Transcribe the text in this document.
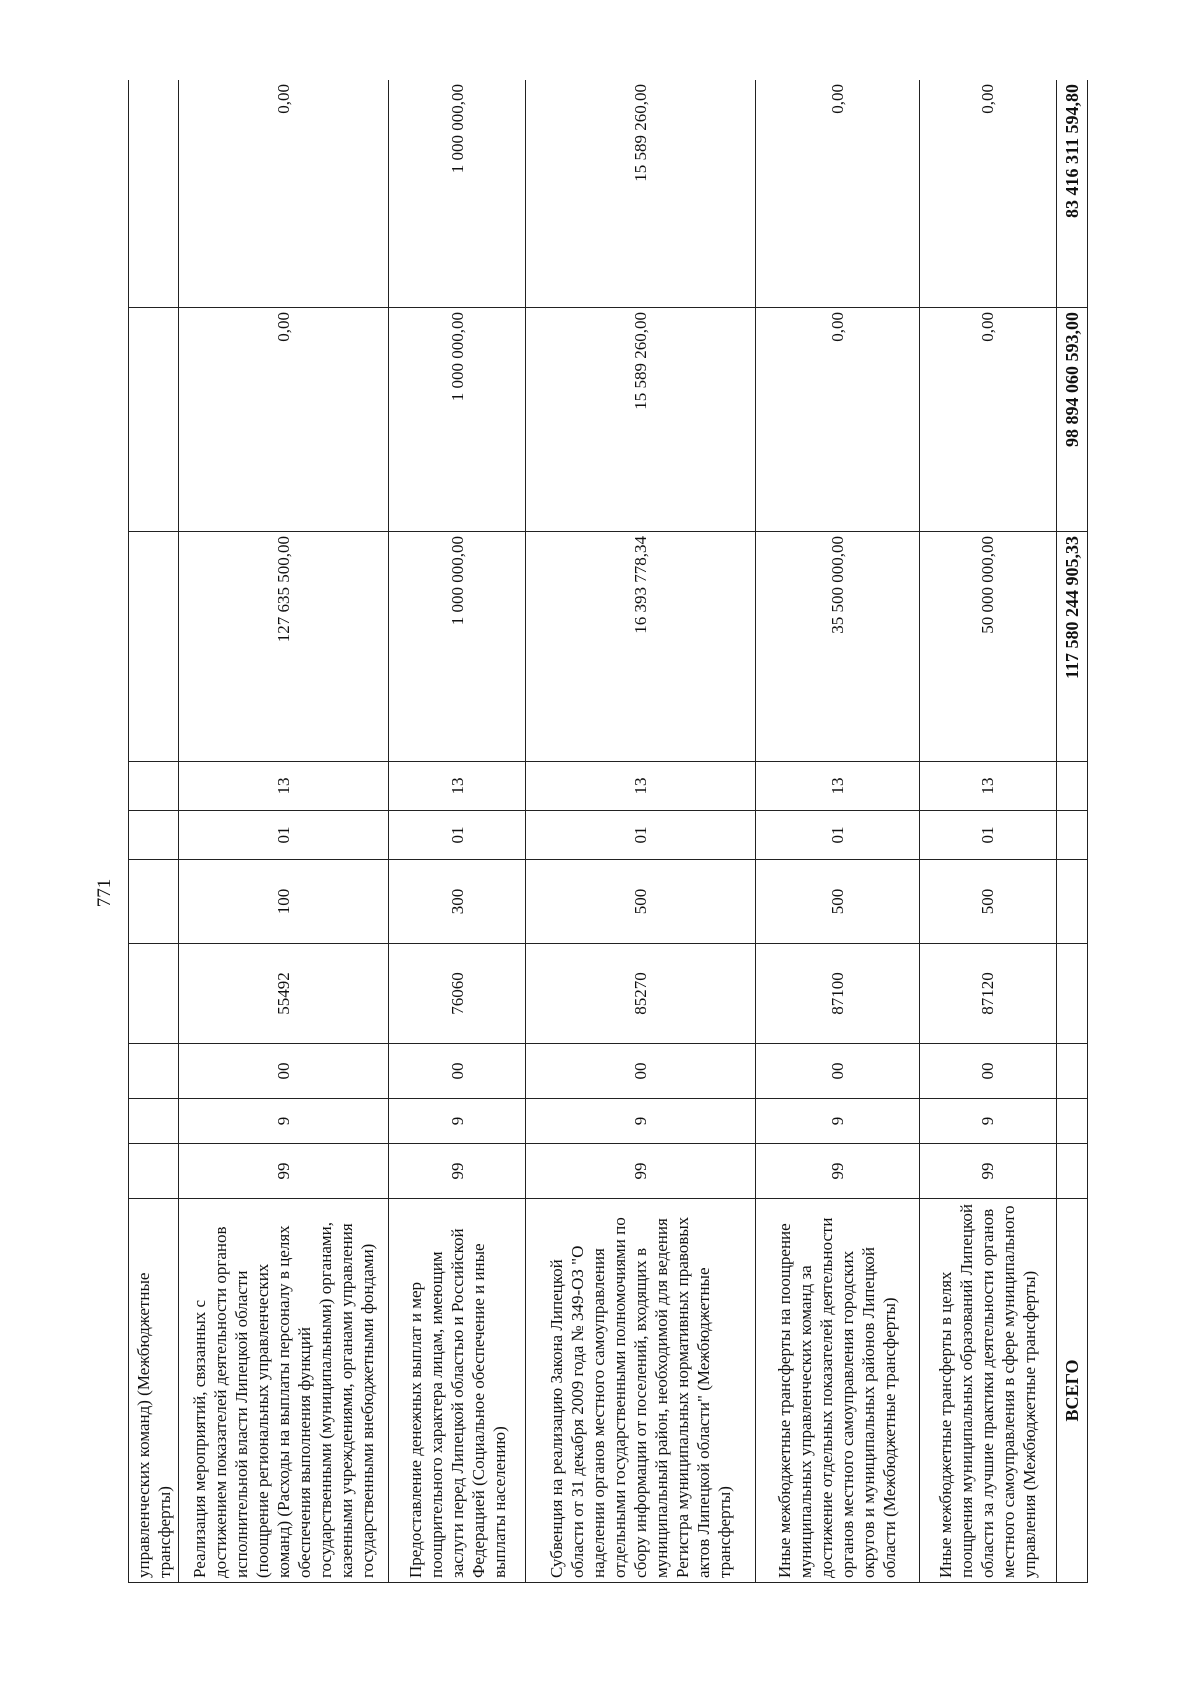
771
управленческих команд) (Межбюджетные трансферты)										
Реализация мероприятий, связанных с достижением показателей деятельности органов исполнительной власти Липецкой области (поощрение региональных управленческих команд) (Расходы на выплаты персоналу в целях обеспечения выполнения функций государственными (муниципальными) органами, казенными учреждениями, органами управления государственными внебюджетными фондами)	99	9	00	55492	100	01	13	127 635 500,00	0,00	0,00
Предоставление денежных выплат и мер поощрительного характера лицам, имеющим заслуги перед Липецкой областью и Российской Федерацией (Социальное обеспечение и иные выплаты населению)	99	9	00	76060	300	01	13	1 000 000,00	1 000 000,00	1 000 000,00
Субвенция на реализацию Закона Липецкой области от 31 декабря 2009 года № 349-ОЗ "О наделении органов местного самоуправления отдельными государственными полномочиями по сбору информации от поселений, входящих в муниципальный район, необходимой для ведения Регистра муниципальных нормативных правовых актов Липецкой области" (Межбюджетные трансферты)	99	9	00	85270	500	01	13	16 393 778,34	15 589 260,00	15 589 260,00
Иные межбюджетные трансферты на поощрение муниципальных управленческих команд за достижение отдельных показателей деятельности органов местного самоуправления городских округов и муниципальных районов Липецкой области (Межбюджетные трансферты)	99	9	00	87100	500	01	13	35 500 000,00	0,00	0,00
Иные межбюджетные трансферты в целях поощрения муниципальных образований Липецкой области за лучшие практики деятельности органов местного самоуправления в сфере муниципального управления (Межбюджетные трансферты)	99	9	00	87120	500	01	13	50 000 000,00	0,00	0,00
ВСЕГО								117 580 244 905,33	98 894 060 593,00	83 416 311 594,80
